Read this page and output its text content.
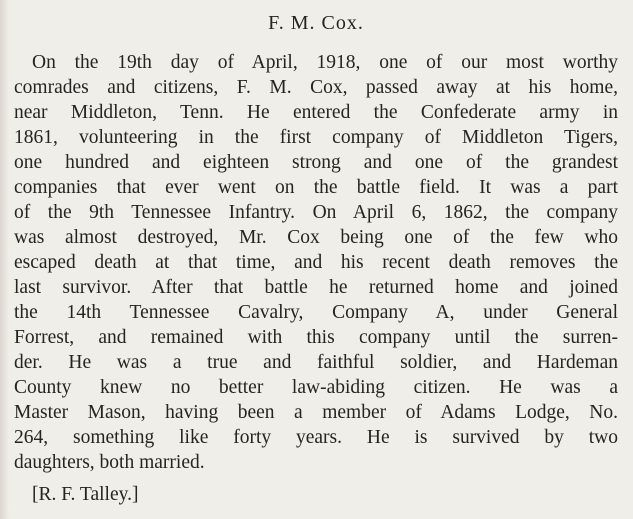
F. M. Cox.
On the 19th day of April, 1918, one of our most worthy
comrades and citizens, F. M. Cox, passed away at his home,
near Middleton, Tenn. He entered the Confederate army in
1861, volunteering in the first company of Middleton Tigers,
one hundred and eighteen strong and one of the grandest
companies that ever went on the battle field. It was a part
of the 9th Tennessee Infantry. On April 6, 1862, the company
was almost destroyed, Mr. Cox being one of the few who
escaped death at that time, and his recent death removes the
last survivor. After that battle he returned home and joined
the 14th Tennessee Cavalry, Company A, under General
Forrest, and remained with this company until the surren-
der. He was a true and faithful soldier, and Hardeman
County knew no better law-abiding citizen. He was a
Master Mason, having been a member of Adams Lodge, No.
264, something like forty years. He is survived by two
daughters, both married.
[R. F. Talley.]
